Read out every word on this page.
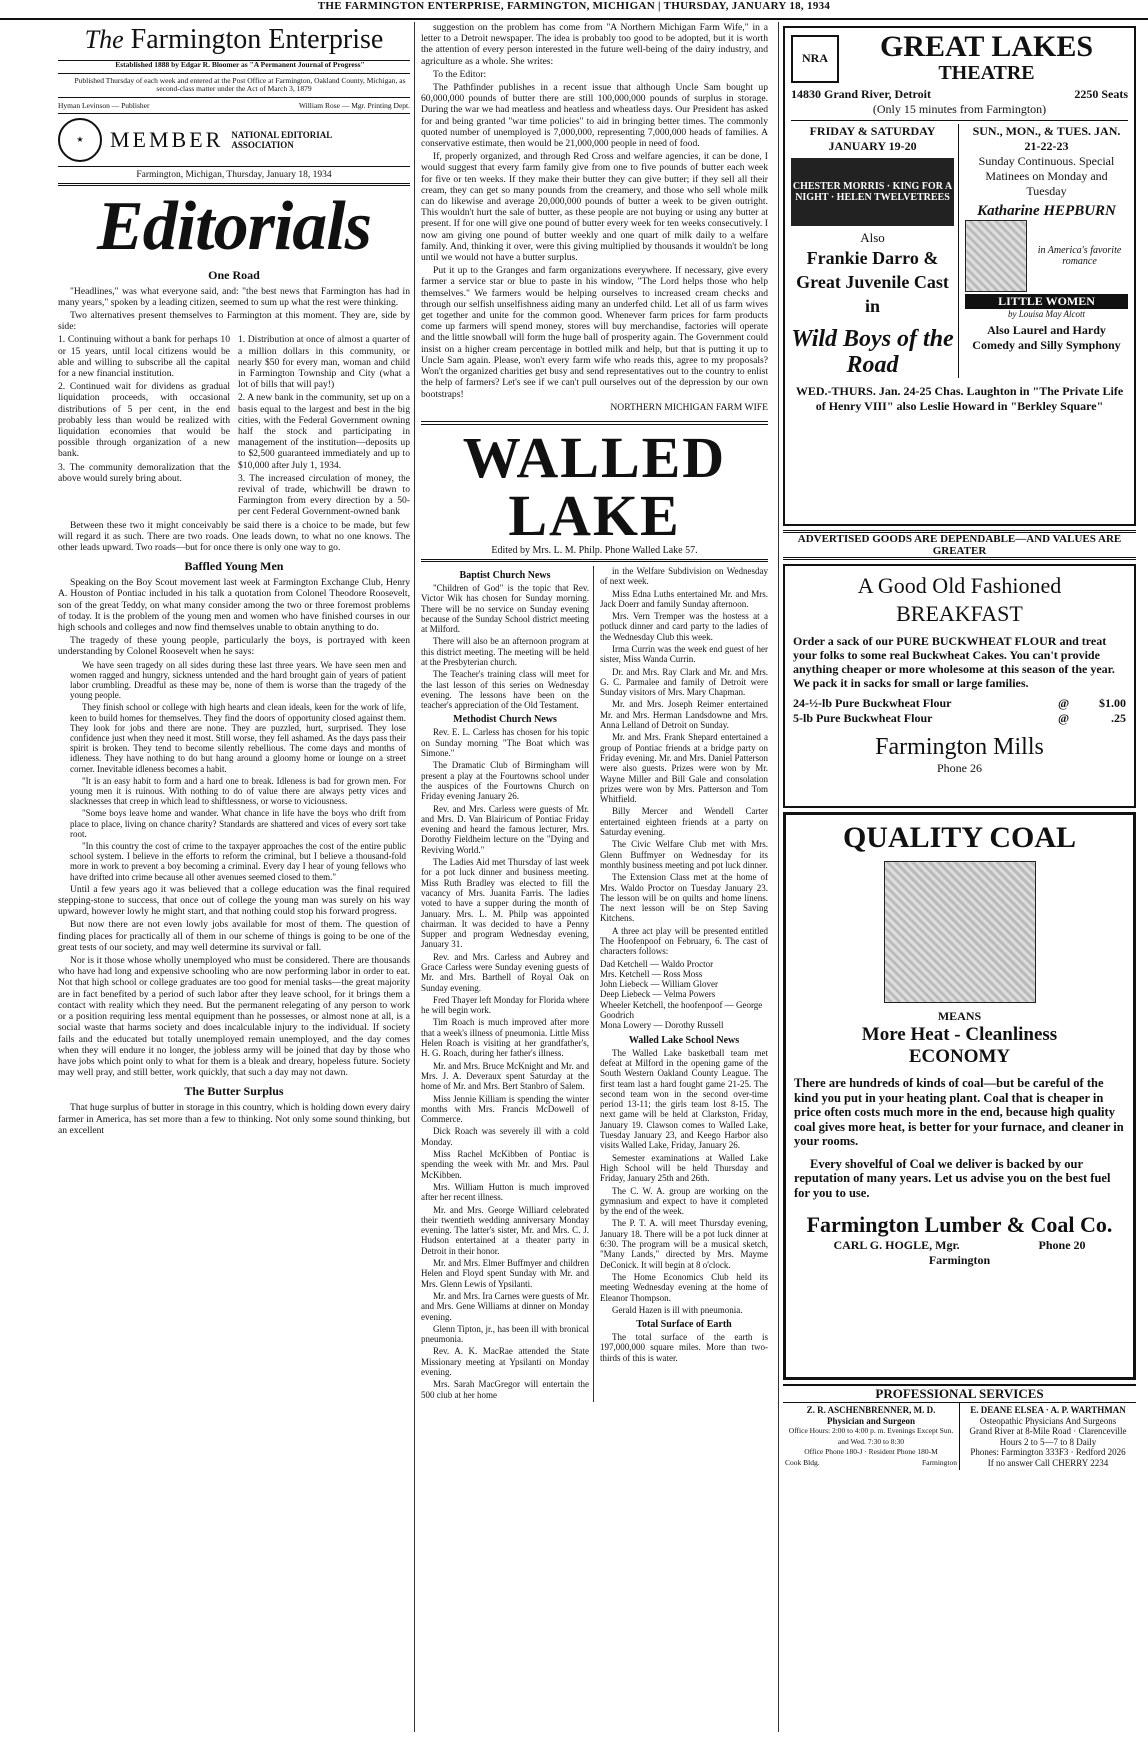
THE FARMINGTON ENTERPRISE, FARMINGTON, MICHIGAN | THURSDAY, JANUARY 18, 1934
The Farmington Enterprise

Established 1888 by Edgar R. Bloomer as "A Permanent Journal of Progress"

Published Thursday of each week and entered at the Post Office at Farmington, Oakland County, Michigan, as second-class matter under the Act of March 3, 1879

Hyman Levinson — Publisher	William Rose — Mgr. Printing Dept.
★	MEMBER NATIONAL EDITORIAL ASSOCIATION
Farmington, Michigan, Thursday, January 18, 1934
Editorials
One Road

"Headlines," was what everyone said, and: "the best news that Farmington has had in many years," spoken by a leading citizen, seemed to sum up what the rest were thinking.

Two alternatives present themselves to Farmington at this moment. They are, side by side:

1. Continuing without a bank for perhaps 10 or 15 years, until local citizens would be able and willing to subscribe all the capital for a new financial institution.

2. Continued wait for dividens as gradual liquidation proceeds, with occasional distributions of 5 per cent, in the end probably less than would be realized with liquidation economies that would be possible through organization of a new bank.

3. The community demoralization that the above would surely bring about.

1. Distribution at once of almost a quarter of a million dollars in this community, or nearly $50 for every man, woman and child in Farmington Township and City (what a lot of bills that will pay!)

2. A new bank in the community, set up on a basis equal to the largest and best in the big cities, with the Federal Government owning half the stock and participating in management of the institution—deposits up to $2,500 guaranteed immediately and up to $10,000 after July 1, 1934.

3. The increased circulation of money, the revival of trade, whichwill be drawn to Farmington from every direction by a 50-per cent Federal Government-owned bank

Between these two it might conceivably be said there is a choice to be made, but few will regard it as such. There are two roads. One leads down, to what no one knows. The other leads upward. Two roads—but for once there is only one way to go.

Baffled Young Men

Speaking on the Boy Scout movement last week at Farmington Exchange Club, Henry A. Houston of Pontiac included in his talk a quotation from Colonel Theodore Roosevelt, son of the great Teddy, on what many consider among the two or three foremost problems of today. It is the problem of the young men and women who have finished courses in our high schools and colleges and now find themselves unable to obtain anything to do.

The tragedy of these young people, particularly the boys, is portrayed with keen understanding by Colonel Roosevelt when he says:

We have seen tragedy on all sides during these last three years. We have seen men and women ragged and hungry, sickness untended and the hard brought gain of years of patient labor crumbling. Dreadful as these may be, none of them is worse than the tragedy of the young people.

They finish school or college with high hearts and clean ideals, keen for the work of life, keen to build homes for themselves. They find the doors of opportunity closed against them. They look for jobs and there are none. They are puzzled, hurt, surprised. They lose confidence just when they need it most. Still worse, they fell ashamed. As the days pass their spirit is broken. They tend to become silently rebellious. The come days and months of idleness. They have nothing to do but hang around a gloomy home or lounge on a street corner. Inevitable idleness becomes a habit.

"It is an easy habit to form and a hard one to break. Idleness is bad for grown men. For young men it is ruinous. With nothing to do of value there are always petty vices and slacknesses that creep in which lead to shiftlessness, or worse to viciousness.

"Some boys leave home and wander. What chance in life have the boys who drift from place to place, living on chance charity? Standards are shattered and vices of every sort take root.

"In this country the cost of crime to the taxpayer approaches the cost of the entire public school system. I believe in the efforts to reform the criminal, but I believe a thousand-fold more in work to prevent a boy becoming a criminal. Every day I hear of young fellows who have drifted into crime because all other avenues seemed closed to them."

Until a few years ago it was believed that a college education was the final required stepping-stone to success, that once out of college the young man was surely on his way upward, however lowly he might start, and that nothing could stop his forward progress.

But now there are not even lowly jobs available for most of them. The question of finding places for practically all of them in our scheme of things is going to be one of the great tests of our society, and may well determine its survival or fall.

Nor is it those whose wholly unemployed who must be considered. There are thousands who have had long and expensive schooling who are now performing labor in order to eat. Not that high school or college graduates are too good for menial tasks—the great majority are in fact benefited by a period of such labor after they leave school, for it brings them a contact with reality which they need. But the permanent relegating of any person to work or a position requiring less mental equipment than he possesses, or almost none at all, is a social waste that harms society and does incalculable injury to the individual. If society fails and the educated but totally unemployed remain unemployed, and the day comes when they will endure it no longer, the jobless army will be joined that day by those who have jobs which point only to what for them is a bleak and dreary, hopeless future. Society may well pray, and still better, work quickly, that such a day may not dawn.

The Butter Surplus

That huge surplus of butter in storage in this country, which is holding down every dairy farmer in America, has set more than a few to thinking. Not only some sound thinking, but an excellent

suggestion on the problem has come from "A Northern Michigan Farm Wife," in a letter to a Detroit newspaper. The idea is probably too good to be adopted, but it is worth the attention of every person interested in the future well-being of the dairy industry, and agriculture as a whole. She writes:

To the Editor:

The Pathfinder publishes in a recent issue that although Uncle Sam bought up 60,000,000 pounds of butter there are still 100,000,000 pounds of surplus in storage. During the war we had meatless and heatless and wheatless days. Our President has asked for and being granted "war time policies" to aid in bringing better times. The commonly quoted number of unemployed is 7,000,000, representing 7,000,000 heads of families. A conservative estimate, then would be 21,000,000 people in need of food.

If, properly organized, and through Red Cross and welfare agencies, it can be done, I would suggest that every farm family give from one to five pounds of butter each week for five or ten weeks. If they make their butter they can give butter; if they sell all their cream, they can get so many pounds from the creamery, and those who sell whole milk can do likewise and average 20,000,000 pounds of butter a week to be given outright. This wouldn't hurt the sale of butter, as these people are not buying or using any butter at present. If for one will give one pound of butter every week for ten weeks consecutively. I now am giving one pound of butter weekly and one quart of milk daily to a welfare family. And, thinking it over, were this giving multiplied by thousands it wouldn't be long until we would not have a butter surplus.

Put it up to the Granges and farm organizations everywhere. If necessary, give every farmer a service star or blue to paste in his window, "The Lord helps those who help themselves." We farmers would be helping ourselves to increased cream checks and through our selfish unselfishness aiding many an underfed child. Let all of us farm wives get together and unite for the common good. Whenever farm prices for farm products come up farmers will spend money, stores will buy merchandise, factories will operate and the little snowball will form the huge ball of prosperity again. The Government could insist on a higher cream percentage in bottled milk and help, but that is putting it up to Uncle Sam again. Please, won't every farm wife who reads this, agree to my proposals? Won't the organized charities get busy and send representatives out to the country to enlist the help of farmers? Let's see if we can't pull ourselves out of the depression by our own bootstraps!

NORTHERN MICHIGAN FARM WIFE

WALLED LAKE
Edited by Mrs. L. M. Philp. Phone Walled Lake 57.
Baptist Church News

"Children of God" is the topic that Rev. Victor Wik has chosen for Sunday morning. There will be no service on Sunday evening because of the Sunday School district meeting at Milford.

There will also be an afternoon program at this district meeting. The meeting will be held at the Presbyterian church.

The Teacher's training class will meet for the last lesson of this series on Wednesday evening. The lessons have been on the teacher's appreciation of the Old Testament.

Methodist Church News

Rev. E. L. Carless has chosen for his topic on Sunday morning "The Boat which was Simone."

The Dramatic Club of Birmingham will present a play at the Fourtowns school under the auspices of the Fourtowns Church on Friday evening January 26.

Rev. and Mrs. Carless were guests of Mr. and Mrs. D. Van Blairicum of Pontiac Friday evening and heard the famous lecturer, Mrs. Dorothy Fieldheim lecture on the "Dying and Reviving World."

The Ladies Aid met Thursday of last week for a pot luck dinner and business meeting. Miss Ruth Bradley was elected to fill the vacancy of Mrs. Juanita Farris. The ladies voted to have a supper during the month of January. Mrs. L. M. Philp was appointed chairman. It was decided to have a Penny Supper and program Wednesday evening, January 31.

Rev. and Mrs. Carless and Aubrey and Grace Carless were Sunday evening guests of Mr. and Mrs. Barthell of Royal Oak on Sunday evening.

Fred Thayer left Monday for Florida where he will begin work.

Tim Roach is much improved after more that a week's illness of pneumonia. Little Miss Helen Roach is visiting at her grandfather's, H. G. Roach, during her father's illness.

Mr. and Mrs. Bruce McKnight and Mr. and Mrs. J. A. Deveraux spent Saturday at the home of Mr. and Mrs. Bert Stanbro of Salem.

Miss Jennie Killiam is spending the winter months with Mrs. Francis McDowell of Commerce.

Dick Roach was severely ill with a cold Monday.

Miss Rachel McKibben of Pontiac is spending the week with Mr. and Mrs. Paul McKibben.

Mrs. William Hutton is much improved after her recent illness.

Mr. and Mrs. George Williard celebrated their twentieth wedding anniversary Monday evening. The latter's sister, Mr. and Mrs. C. J. Hudson entertained at a theater party in Detroit in their honor.

Mr. and Mrs. Elmer Buffmyer and children Helen and Floyd spent Sunday with Mr. and Mrs. Glenn Lewis of Ypsilanti.

Mr. and Mrs. Ira Carnes were guests of Mr. and Mrs. Gene Williams at dinner on Monday evening.

Glenn Tipton, jr., has been ill with bronical pneumonia.

Rev. A. K. MacRae attended the State Missionary meeting at Ypsilanti on Monday evening.

Mrs. Sarah MacGregor will entertain the 500 club at her home

in the Welfare Subdivision on Wednesday of next week.

Miss Edna Luths entertained Mr. and Mrs. Jack Doerr and family Sunday afternoon.

Mrs. Vern Tremper was the hostess at a potluck dinner and card party to the ladies of the Wednesday Club this week.

Irma Currin was the week end guest of her sister, Miss Wanda Currin.

Dr. and Mrs. Ray Clark and Mr. and Mrs. G. C. Parmalee and family of Detroit were Sunday visitors of Mrs. Mary Chapman.

Mr. and Mrs. Joseph Reimer entertained Mr. and Mrs. Herman Landsdowne and Mrs. Anna Lelland of Detroit on Sunday.

Mr. and Mrs. Frank Shepard entertained a group of Pontiac friends at a bridge party on Friday evening. Mr. and Mrs. Daniel Patterson were also guests. Prizes were won by Mr. Wayne Miller and Bill Gale and consolation prizes were won by Mrs. Patterson and Tom Whitfield.

Billy Mercer and Wendell Carter entertained eighteen friends at a party on Saturday evening.

The Civic Welfare Club met with Mrs. Glenn Buffmyer on Wednesday for its monthly business meeting and pot luck dinner.

The Extension Class met at the home of Mrs. Waldo Proctor on Tuesday January 23. The lesson will be on quilts and home linens. The next lesson will be on Step Saving Kitchens.

A three act play will be presented entitled The Hoofenpoof on February, 6. The cast of characters follows:

Dad Ketchell — Waldo Proctor
Mrs. Ketchell — Ross Moss
John Liebeck — William Glover
Deep Liebeck — Velma Powers
Wheeler Ketchell, the hoofenpoof — George Goodrich
Mona Lowery — Dorothy Russell
Walled Lake School News

The Walled Lake basketball team met defeat at Milford in the opening game of the South Western Oakland County League. The first team last a hard fought game 21-25. The second team won in the second over-time period 13-11; the girls team lost 8-15. The next game will be held at Clarkston, Friday, January 19. Clawson comes to Walled Lake, Tuesday January 23, and Keego Harbor also visits Walled Lake, Friday, January 26.

Semester examinations at Walled Lake High School will be held Thursday and Friday, January 25th and 26th.

The C. W. A. group are working on the gymnasium and expect to have it completed by the end of the week.

The P. T. A. will meet Thursday evening, January 18. There will be a pot luck dinner at 6:30. The program will be a musical sketch, "Many Lands," directed by Mrs. Mayme DeConick. It will begin at 8 o'clock.

The Home Economics Club held its meeting Wednesday evening at the home of Eleanor Thompson.

Gerald Hazen is ill with pneumonia.

Total Surface of Earth

The total surface of the earth is 197,000,000 square miles. More than two-thirds of this is water.

NRA	GREAT LAKES
THEATRE
14830 Grand River, Detroit	2250 Seats
(Only 15 minutes from Farmington)
FRIDAY & SATURDAY JANUARY 19-20
CHESTER MORRIS · KING FOR A NIGHT · HELEN TWELVETREES
Also
Frankie Darro & Great Juvenile Cast in
Wild Boys of the Road
SUN., MON., & TUES. JAN. 21-22-23
Sunday Continuous. Special Matinees on Monday and Tuesday
Katharine HEPBURN
in America's favorite romance
LITTLE WOMEN
by Louisa May Alcott
Also Laurel and Hardy Comedy and Silly Symphony
WED.-THURS. Jan. 24-25 Chas. Laughton in "The Private Life of Henry VIII" also Leslie Howard in "Berkley Square"
ADVERTISED GOODS ARE DEPENDABLE—AND VALUES ARE GREATER
A Good Old Fashioned BREAKFAST
Order a sack of our PURE BUCKWHEAT FLOUR and treat your folks to some real Buckwheat Cakes. You can't provide anything cheaper or more wholesome at this season of the year. We pack it in sacks for small or large families.
24-½-lb Pure Buckwheat Flour	@	$1.00
5-lb Pure Buckwheat Flour	@	.25
Farmington Mills
Phone 26
QUALITY COAL
MEANS
More Heat - Cleanliness
ECONOMY
There are hundreds of kinds of coal—but be careful of the kind you put in your heating plant. Coal that is cheaper in price often costs much more in the end, because high quality coal gives more heat, is better for your furnace, and cleaner in your rooms.
Every shovelful of Coal we deliver is backed by our reputation of many years. Let us advise you on the best fuel for you to use.
Farmington Lumber & Coal Co.
CARL G. HOGLE, Mgr.	Phone 20
Farmington
PROFESSIONAL SERVICES
Z. R. ASCHENBRENNER, M. D.
Physician and Surgeon
Office Hours: 2:00 to 4:00 p. m. Evenings Except Sun. and Wed. 7:30 to 8:30
Office Phone 180-J · Resident Phone 180-M
Cook Bldg.	Farmington
E. DEANE ELSEA · A. P. WARTHMAN
Osteopathic Physicians And Surgeons
Grand River at 8-Mile Road · Clarenceville
Hours 2 to 5—7 to 8 Daily
Phones: Farmington 333F3 · Redford 2026
If no answer Call CHERRY 2234
